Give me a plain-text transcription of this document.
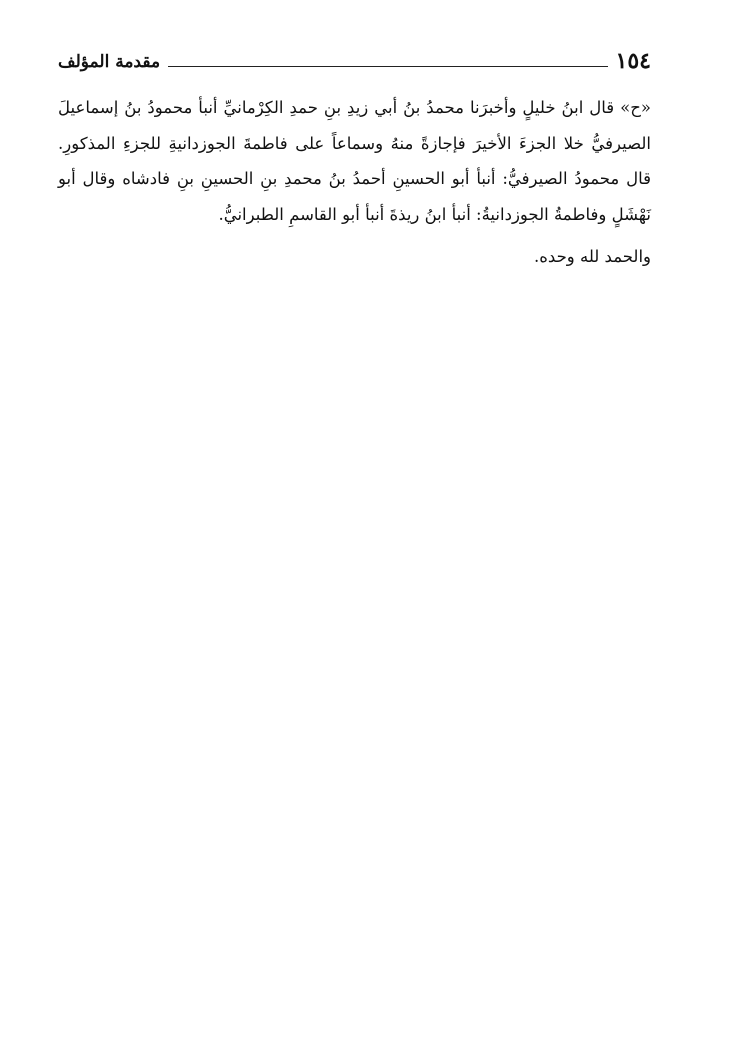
١٥٤
مقدمة المؤلف

«ح» قال ابنُ خليلٍ وأخبرَنا محمدُ بنُ أبي زيدِ بنِ حمدِ الكِرْمانيِّ أنبأ محمودُ بنُ إسماعيلَ الصيرفيُّ خلا الجزءَ الأخيرَ فإجازةً منهُ وسماعاً على فاطمةَ الجوزدانيةِ للجزءِ المذكورِ. قال محمودُ الصيرفيُّ: أنبأ أبو الحسينِ أحمدُ بنُ محمدِ بنِ الحسينِ بنِ فادشاه وقال أبو نَهْشَلٍ وفاطمةُ الجوزدانيةُ: أنبأ ابنُ ريذةَ أنبأ أبو القاسمِ الطبرانيُّ.

والحمد لله وحده.
